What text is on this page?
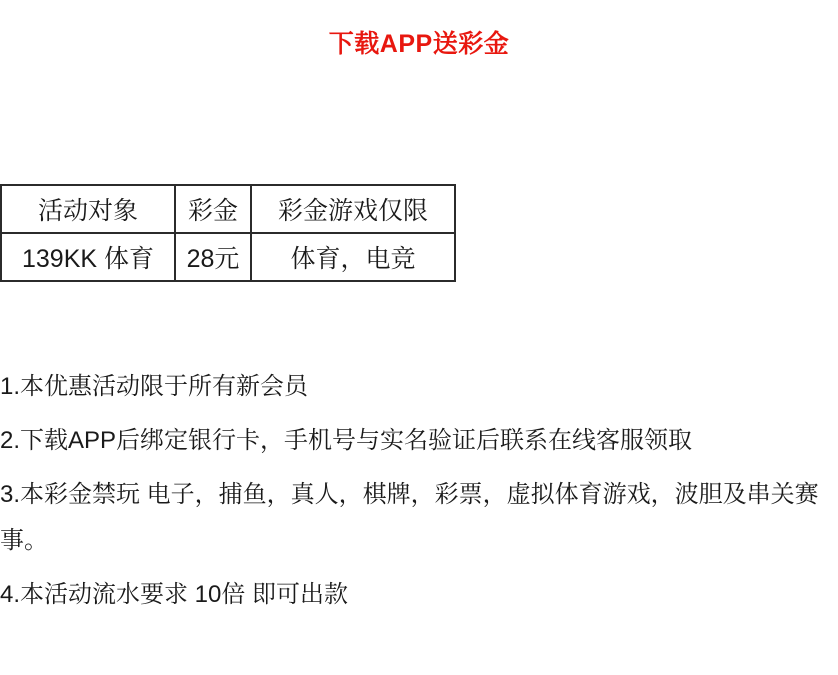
下载APP送彩金
活动对象	彩金	彩金游戏仅限
139KK 体育	28元	体育，电竞

1.本优惠活动限于所有新会员

2.下载APP后绑定银行卡，手机号与实名验证后联系在线客服领取

3.本彩金禁玩 电子，捕鱼，真人，棋牌，彩票，虚拟体育游戏，波胆及串关赛事。

4.本活动流水要求 10倍 即可出款
